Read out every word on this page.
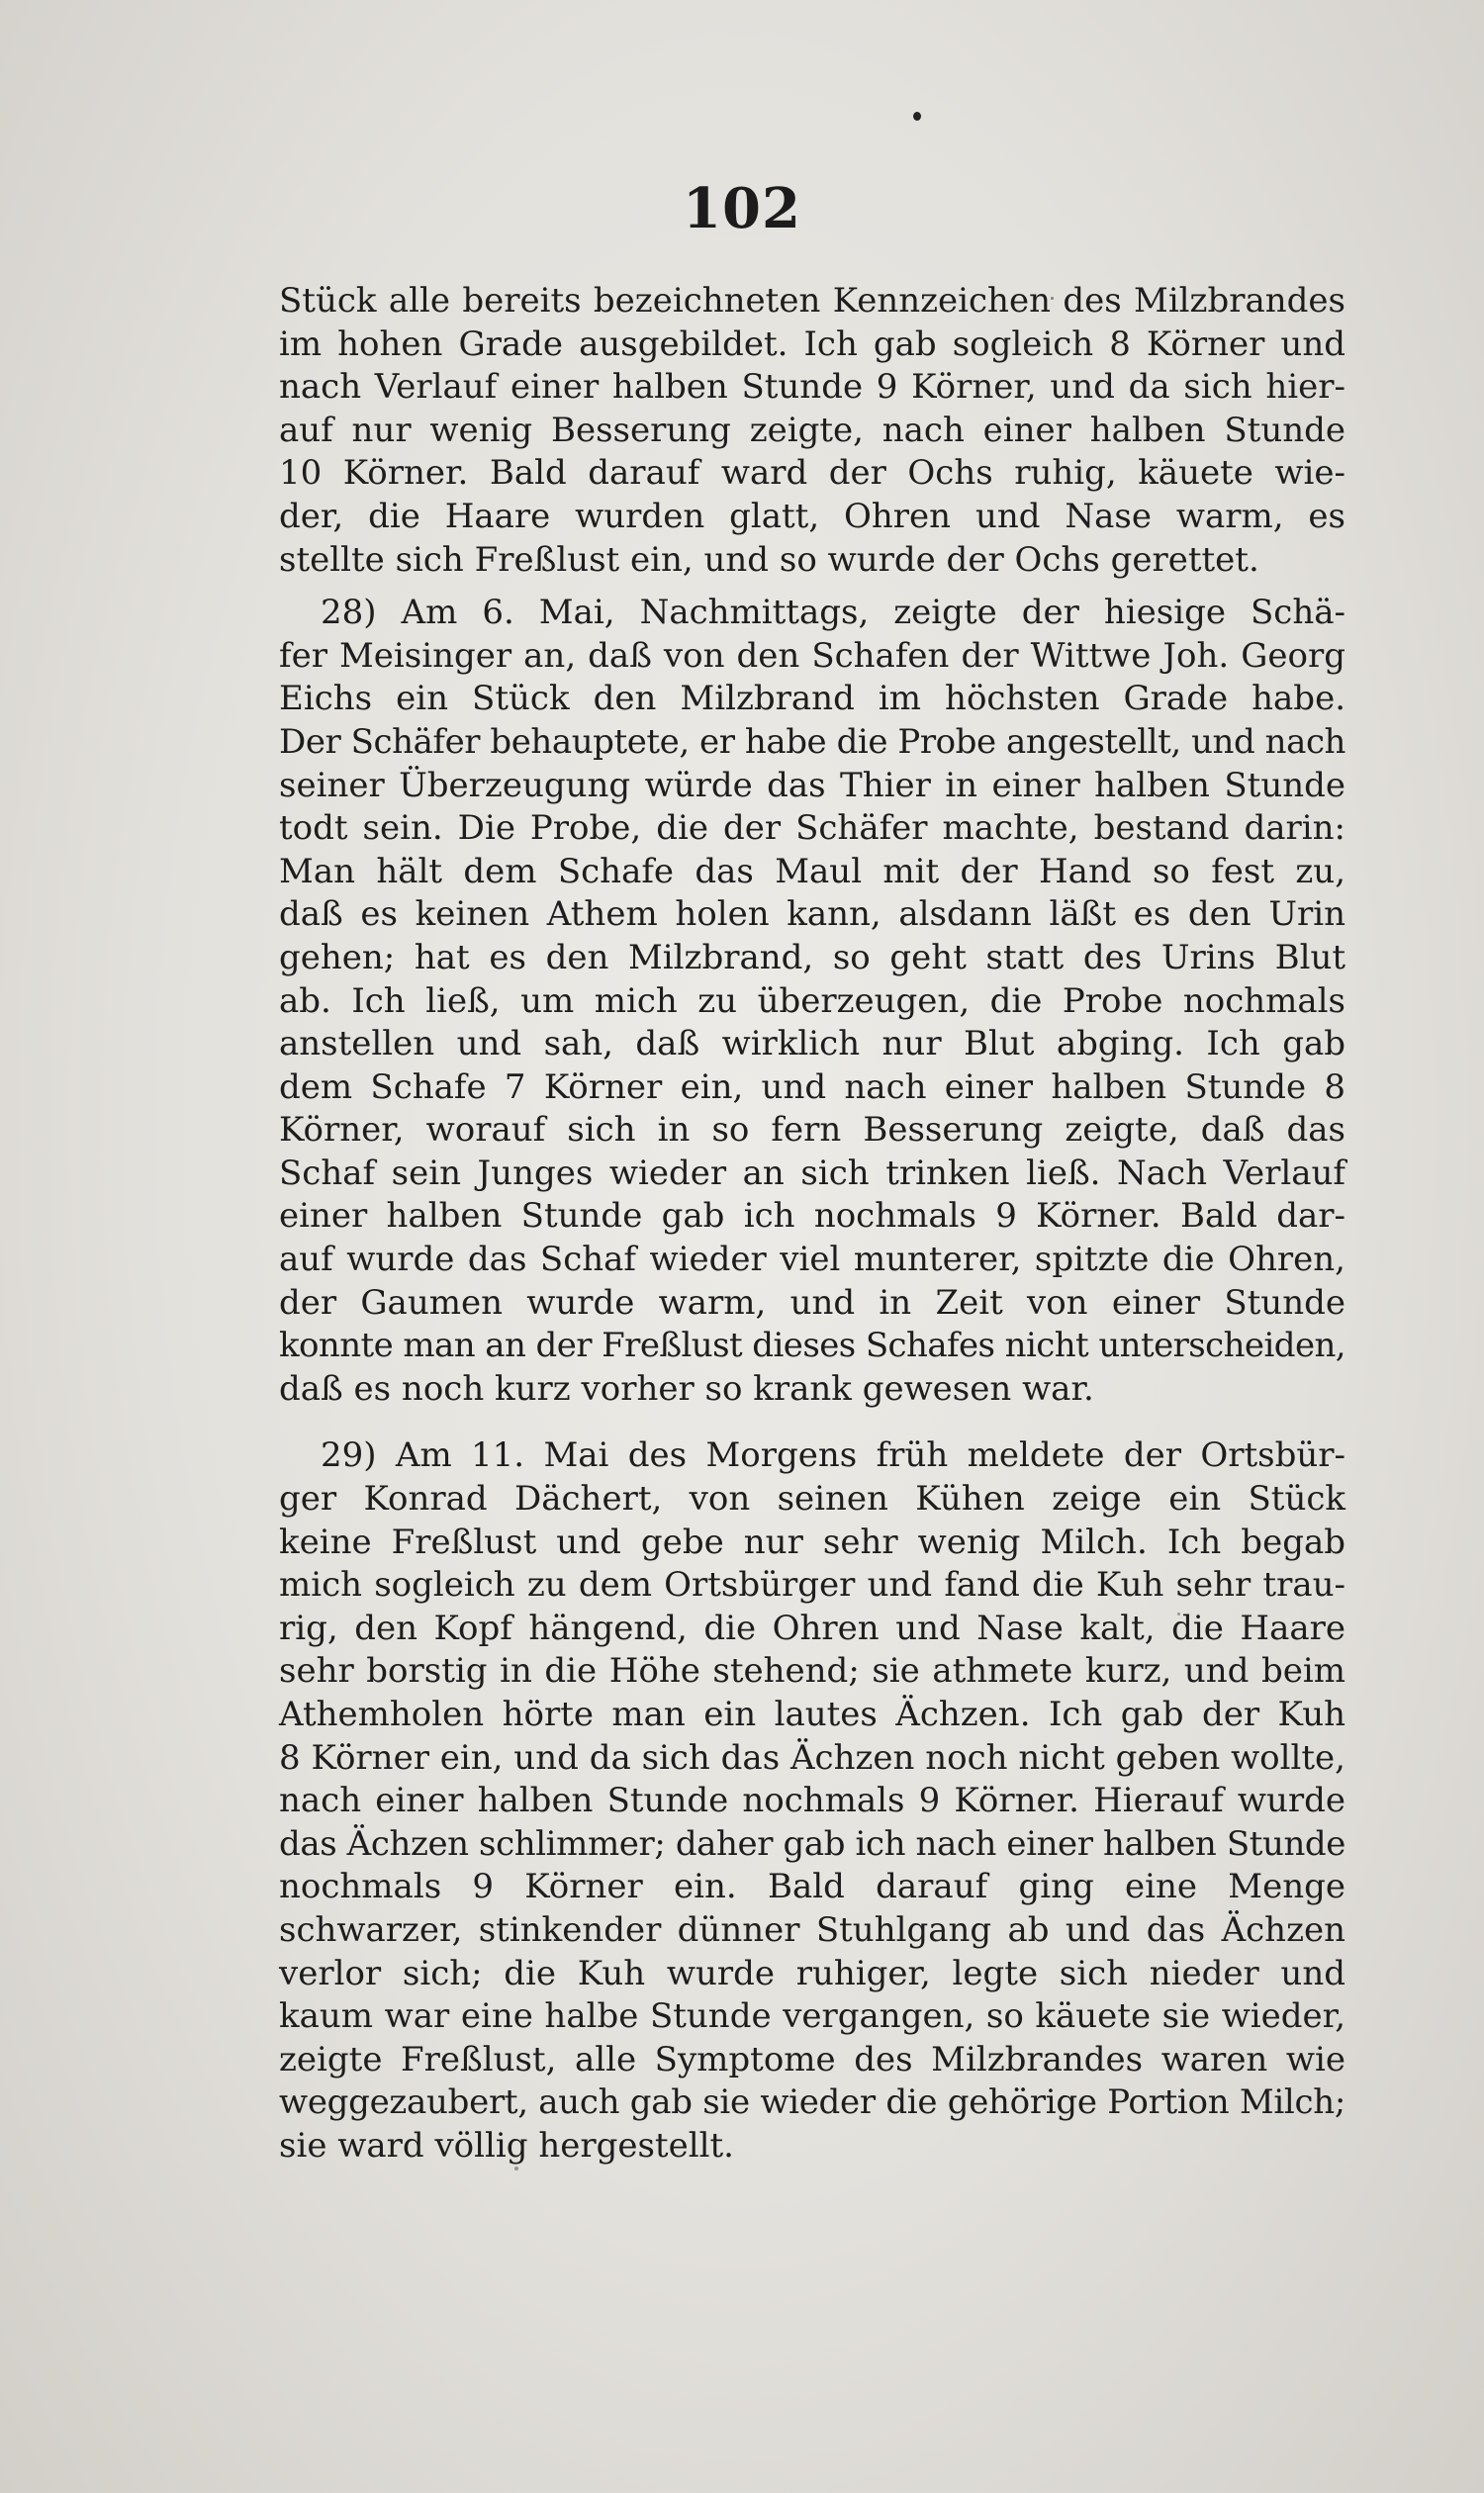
102
Stück alle bereits bezeichneten Kennzeichen des Milzbrandes
im hohen Grade ausgebildet. Ich gab sogleich 8 Körner und
nach Verlauf einer halben Stunde 9 Körner, und da sich hier-
auf nur wenig Besserung zeigte, nach einer halben Stunde
10 Körner. Bald darauf ward der Ochs ruhig, käuete wie-
der, die Haare wurden glatt, Ohren und Nase warm, es
stellte sich Freßlust ein, und so wurde der Ochs gerettet.
28) Am 6. Mai, Nachmittags, zeigte der hiesige Schä-
fer Meisinger an, daß von den Schafen der Wittwe Joh. Georg
Eichs ein Stück den Milzbrand im höchsten Grade habe.
Der Schäfer behauptete, er habe die Probe angestellt, und nach
seiner Überzeugung würde das Thier in einer halben Stunde
todt sein. Die Probe, die der Schäfer machte, bestand darin:
Man hält dem Schafe das Maul mit der Hand so fest zu,
daß es keinen Athem holen kann, alsdann läßt es den Urin
gehen; hat es den Milzbrand, so geht statt des Urins Blut
ab. Ich ließ, um mich zu überzeugen, die Probe nochmals
anstellen und sah, daß wirklich nur Blut abging. Ich gab
dem Schafe 7 Körner ein, und nach einer halben Stunde 8
Körner, worauf sich in so fern Besserung zeigte, daß das
Schaf sein Junges wieder an sich trinken ließ. Nach Verlauf
einer halben Stunde gab ich nochmals 9 Körner. Bald dar-
auf wurde das Schaf wieder viel munterer, spitzte die Ohren,
der Gaumen wurde warm, und in Zeit von einer Stunde
konnte man an der Freßlust dieses Schafes nicht unterscheiden,
daß es noch kurz vorher so krank gewesen war.
29) Am 11. Mai des Morgens früh meldete der Ortsbür-
ger Konrad Dächert, von seinen Kühen zeige ein Stück
keine Freßlust und gebe nur sehr wenig Milch. Ich begab
mich sogleich zu dem Ortsbürger und fand die Kuh sehr trau-
rig, den Kopf hängend, die Ohren und Nase kalt, die Haare
sehr borstig in die Höhe stehend; sie athmete kurz, und beim
Athemholen hörte man ein lautes Ächzen. Ich gab der Kuh
8 Körner ein, und da sich das Ächzen noch nicht geben wollte,
nach einer halben Stunde nochmals 9 Körner. Hierauf wurde
das Ächzen schlimmer; daher gab ich nach einer halben Stunde
nochmals 9 Körner ein. Bald darauf ging eine Menge
schwarzer, stinkender dünner Stuhlgang ab und das Ächzen
verlor sich; die Kuh wurde ruhiger, legte sich nieder und
kaum war eine halbe Stunde vergangen, so käuete sie wieder,
zeigte Freßlust, alle Symptome des Milzbrandes waren wie
weggezaubert, auch gab sie wieder die gehörige Portion Milch;
sie ward völlig hergestellt.
